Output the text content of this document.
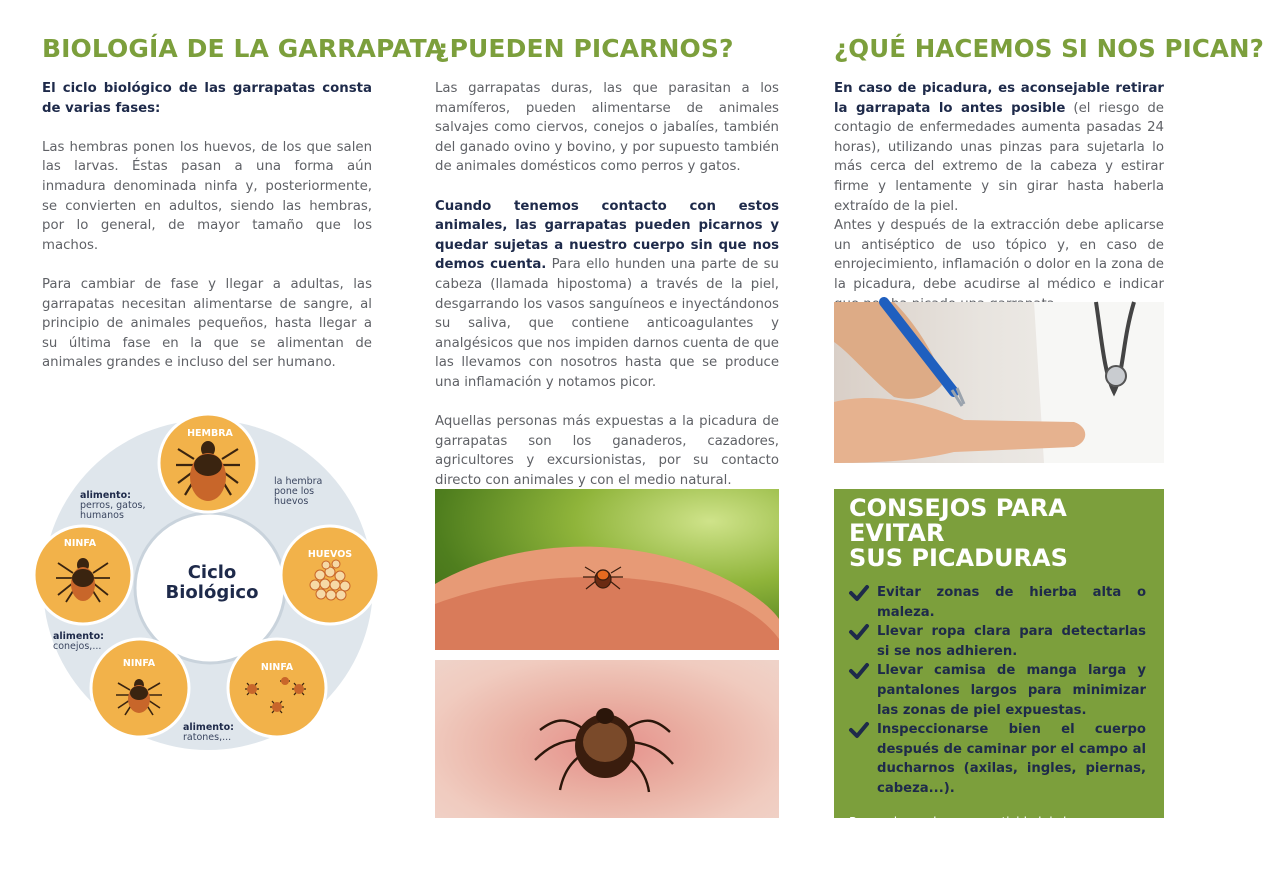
BIOLOGÍA DE LA GARRAPATA

El ciclo biológico de las garrapatas consta de varias fases:

Las hembras ponen los huevos, de los que salen las larvas. Éstas pasan a una forma aún inmadura denominada ninfa y, posteriormente, se convierten en adultos, siendo las hembras, por lo general, de mayor tamaño que los machos.

Para cambiar de fase y llegar a adultas, las garrapatas necesitan alimentarse de sangre, al principio de animales pequeños, hasta llegar a su última fase en la que se alimentan de animales grandes e incluso del ser humano.

Ciclo
Biológico
HEMBRA
HUEVOS
NINFA
NINFA
NINFA
la hembra
pone los
huevos
alimento:
perros, gatos,
humanos
alimento:
conejos,...
alimento:
ratones,...
¿PUEDEN PICARNOS?

Las garrapatas duras, las que parasitan a los mamíferos, pueden alimentarse de animales salvajes como ciervos, conejos o jabalíes, también del ganado ovino y bovino, y por supuesto también de animales domésticos como perros y gatos.

Cuando tenemos contacto con estos animales, las garrapatas pueden picarnos y quedar sujetas a nuestro cuerpo sin que nos demos cuenta. Para ello hunden una parte de su cabeza (llamada hipostoma) a través de la piel, desgarrando los vasos sanguíneos e inyectándonos su saliva, que contiene anticoagulantes y analgésicos que nos impiden darnos cuenta de que las llevamos con nosotros hasta que se produce una inflamación y notamos picor.

Aquellas personas más expuestas a la picadura de garrapatas son los ganaderos, cazadores, agricultores y excursionistas, por su contacto directo con animales y con el medio natural.

¿QUÉ HACEMOS SI NOS PICAN?

En caso de picadura, es aconsejable retirar la garrapata lo antes posible (el riesgo de contagio de enfermedades aumenta pasadas 24 horas), utilizando unas pinzas para sujetarla lo más cerca del extremo de la cabeza y estirar firme y lentamente y sin girar hasta haberla extraído de la piel.

Antes y después de la extracción debe aplicarse un antiséptico de uso tópico y, en caso de enrojecimiento, inflamación o dolor en la zona de la picadura, debe acudirse al médico e indicar

CONSEJOS PARA EVITAR
SUS PICADURAS
Evitar zonas de hierba alta o maleza.
Llevar ropa clara para detectarlas si se nos adhieren.
Llevar camisa de manga larga y pantalones largos para minimizar las zonas de piel expuestas.
Inspeccionarse bien el cuerpo después de caminar por el campo al ducharnos (axilas, ingles, piernas, cabeza...).

Recuerda que la mayor actividad de las garrapatas se produce en primavera y verano, en los meses en los que se dan altas temperaturas y una humedad alta.
